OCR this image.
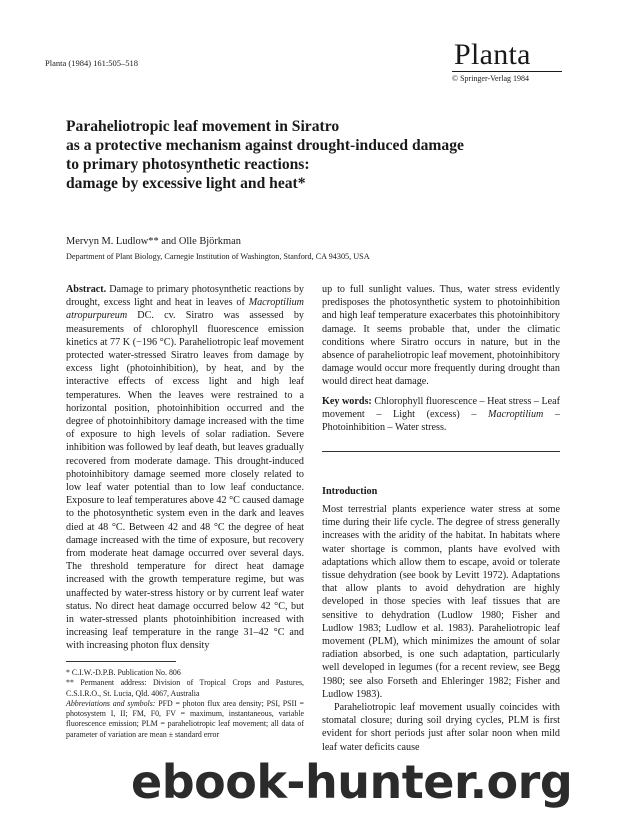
Planta (1984) 161:505–518	Planta
© Springer-Verlag 1984
Paraheliotropic leaf movement in Siratro
as a protective mechanism against drought-induced damage
to primary photosynthetic reactions:
damage by excessive light and heat*
Mervyn M. Ludlow** and Olle Björkman
Department of Plant Biology, Carnegie Institution of Washington, Stanford, CA 94305, USA

Abstract. Damage to primary photosynthetic reactions by drought, excess light and heat in leaves of Macroptilium atropurpureum DC. cv. Siratro was assessed by measurements of chlorophyll fluorescence emission kinetics at 77 K (−196 °C). Paraheliotropic leaf movement protected water-stressed Siratro leaves from damage by excess light (photoinhibition), by heat, and by the interactive effects of excess light and high leaf temperatures. When the leaves were restrained to a horizontal position, photoinhibition occurred and the degree of photoinhibitory damage increased with the time of exposure to high levels of solar radiation. Severe inhibition was followed by leaf death, but leaves gradually recovered from moderate damage. This drought-induced photoinhibitory damage seemed more closely related to low leaf water potential than to low leaf conductance. Exposure to leaf temperatures above 42 °C caused damage to the photosynthetic system even in the dark and leaves died at 48 °C. Between 42 and 48 °C the degree of heat damage increased with the time of exposure, but recovery from moderate heat damage occurred over several days. The threshold temperature for direct heat damage increased with the growth temperature regime, but was unaffected by water-stress history or by current leaf water status. No direct heat damage occurred below 42 °C, but in water-stressed plants photoinhibition increased with increasing leaf temperature in the range 31–42 °C and with increasing photon flux density

up to full sunlight values. Thus, water stress evidently predisposes the photosynthetic system to photoinhibition and high leaf temperature exacerbates this photoinhibitory damage. It seems probable that, under the climatic conditions where Siratro occurs in nature, but in the absence of paraheliotropic leaf movement, photoinhibitory damage would occur more frequently during drought than would direct heat damage.

Key words: Chlorophyll fluorescence – Heat stress – Leaf movement – Light (excess) – Macroptilium – Photoinhibition – Water stress.

Introduction

Most terrestrial plants experience water stress at some time during their life cycle. The degree of stress generally increases with the aridity of the habitat. In habitats where water shortage is common, plants have evolved with adaptations which allow them to escape, avoid or tolerate tissue dehydration (see book by Levitt 1972). Adaptations that allow plants to avoid dehydration are highly developed in those species with leaf tissues that are sensitive to dehydration (Ludlow 1980; Fisher and Ludlow 1983; Ludlow et al. 1983). Paraheliotropic leaf movement (PLM), which minimizes the amount of solar radiation absorbed, is one such adaptation, particularly well developed in legumes (for a recent review, see Begg 1980; see also Forseth and Ehleringer 1982; Fisher and Ludlow 1983).

Paraheliotropic leaf movement usually coincides with stomatal closure; during soil drying cycles, PLM is first evident for short periods just after solar noon when mild leaf water deficits cause

* C.I.W.-D.P.B. Publication No. 806

** Permanent address: Division of Tropical Crops and Pastures, C.S.I.R.O., St. Lucia, Qld. 4067, Australia

Abbreviations and symbols: PFD = photon flux area density; PSI, PSII = photosystem I, II; FM, F0, FV = maximum, instantaneous, variable fluorescence emission; PLM = paraheliotropic leaf movement; all data of parameter of variation are mean ± standard error

ebook-hunter.org
